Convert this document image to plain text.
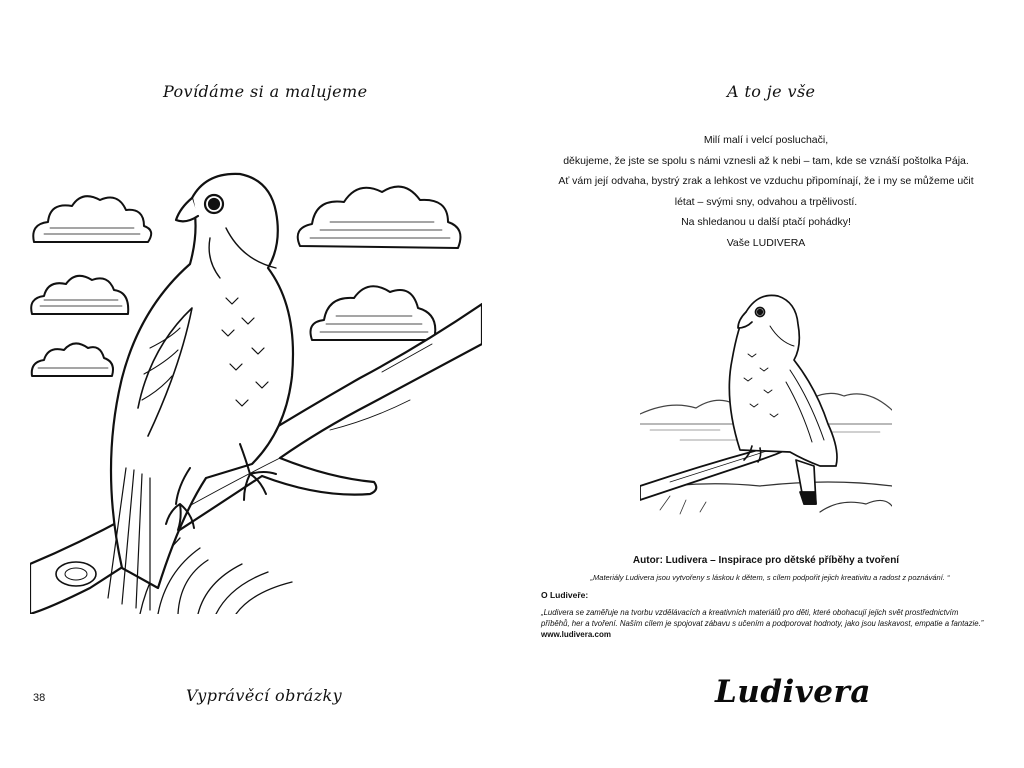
Povídáme si a malujeme
Vyprávěcí obrázky
38
A to je vše

Milí malí i velcí posluchači,

děkujeme, že jste se spolu s námi vznesli až k nebi – tam, kde se vznáší poštolka Pája.

Ať vám její odvaha, bystrý zrak a lehkost ve vzduchu připomínají, že i my se můžeme učit

létat – svými sny, odvahou a trpělivostí.

Na shledanou u další ptačí pohádky!

Vaše LUDIVERA

Autor: Ludivera – Inspirace pro dětské příběhy a tvoření

„Materiály Ludivera jsou vytvořeny s láskou k dětem, s cílem podpořit jejich kreativitu a radost z poznávání. “

O Ludiveře:

„Ludivera se zaměřuje na tvorbu vzdělávacích a kreativních materiálů pro děti, které obohacují jejich svět prostřednictvím příběhů, her a tvoření. Naším cílem je spojovat zábavu s učením a podporovat hodnoty, jako jsou laskavost, empatie a fantazie.”

www.ludivera.com

Ludivera
